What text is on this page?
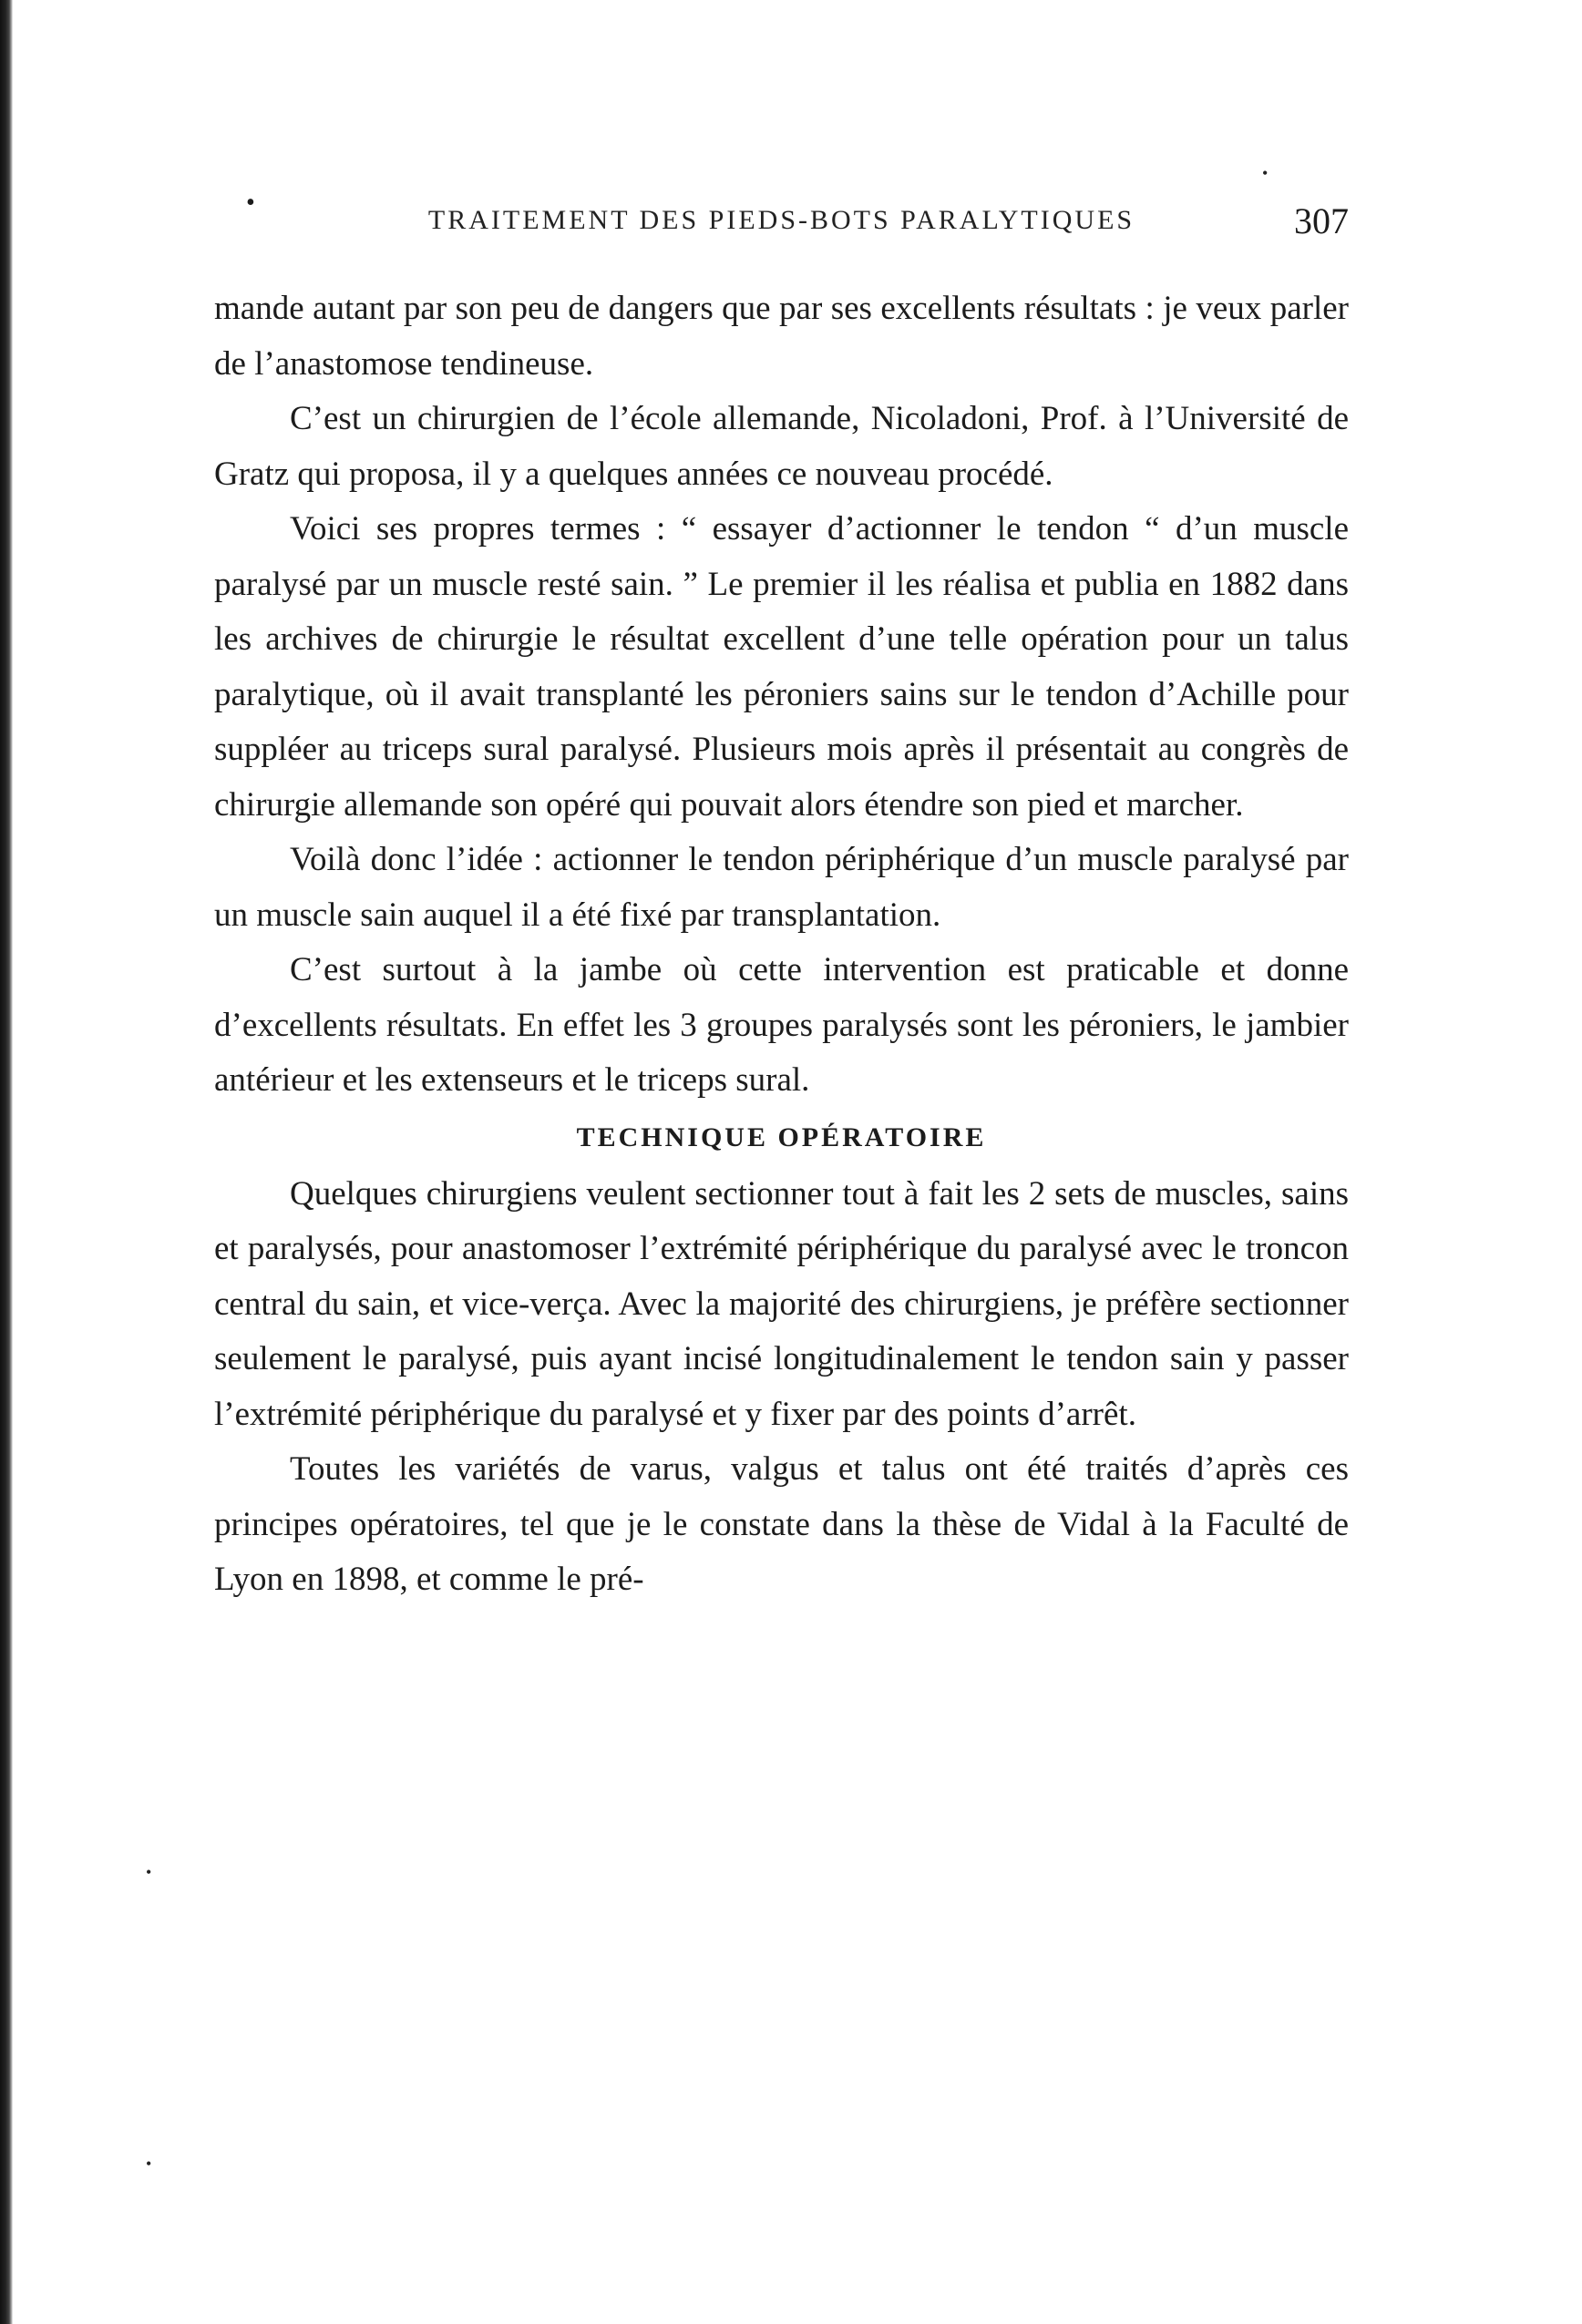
•
TRAITEMENT DES PIEDS-BOTS PARALYTIQUES	307

mande autant par son peu de dangers que par ses excellents résultats : je veux parler de l’anastomose tendineuse.

C’est un chirurgien de l’école allemande, Nicoladoni, Prof. à l’Université de Gratz qui proposa, il y a quelques années ce nouveau procédé.

Voici ses propres termes : “ essayer d’actionner le tendon “ d’un muscle paralysé par un muscle resté sain. ” Le premier il les réalisa et publia en 1882 dans les archives de chirurgie le résultat excellent d’une telle opération pour un talus paralytique, où il avait transplanté les péroniers sains sur le tendon d’Achille pour suppléer au triceps sural paralysé. Plusieurs mois après il présentait au congrès de chirurgie allemande son opéré qui pouvait alors étendre son pied et marcher.

Voilà donc l’idée : actionner le tendon périphérique d’un muscle paralysé par un muscle sain auquel il a été fixé par transplantation.

C’est surtout à la jambe où cette intervention est praticable et donne d’excellents résultats. En effet les 3 groupes paralysés sont les péroniers, le jambier antérieur et les extenseurs et le triceps sural.

TECHNIQUE OPÉRATOIRE

Quelques chirurgiens veulent sectionner tout à fait les 2 sets de muscles, sains et paralysés, pour anastomoser l’extrémité périphérique du paralysé avec le troncon central du sain, et vice-verça. Avec la majorité des chirurgiens, je préfère sectionner seulement le paralysé, puis ayant incisé longitudinalement le tendon sain y passer l’extrémité périphérique du paralysé et y fixer par des points d’arrêt.

Toutes les variétés de varus, valgus et talus ont été traités d’après ces principes opératoires, tel que je le constate dans la thèse de Vidal à la Faculté de Lyon en 1898, et comme le pré-

•
•
•
